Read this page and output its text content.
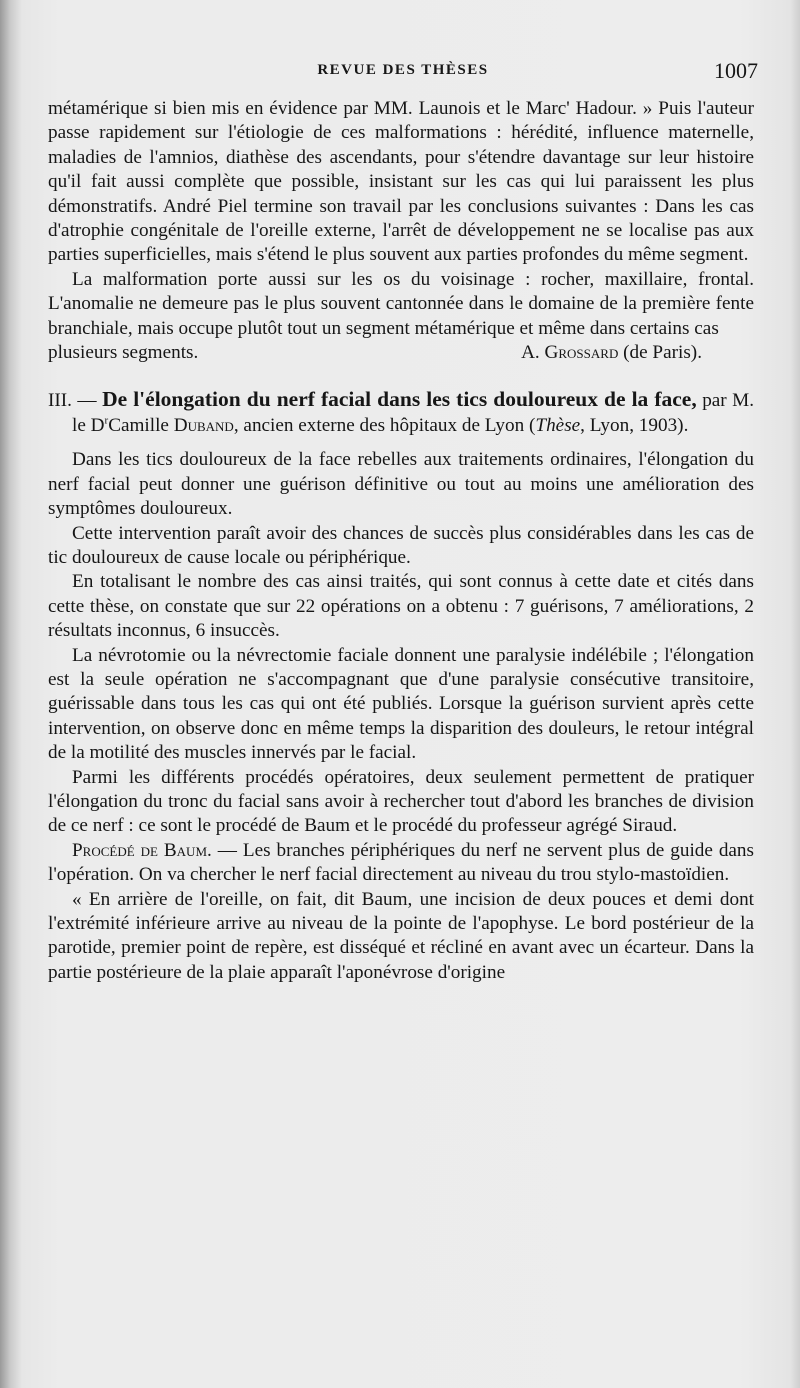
REVUE DES THÈSES	1007

métamérique si bien mis en évidence par MM. Launois et le Marc' Hadour. » Puis l'auteur passe rapidement sur l'étiologie de ces malformations : hérédité, influence maternelle, maladies de l'amnios, diathèse des ascendants, pour s'étendre davantage sur leur histoire qu'il fait aussi complète que possible, insistant sur les cas qui lui paraissent les plus démonstratifs. André Piel termine son travail par les conclusions suivantes : Dans les cas d'atrophie congénitale de l'oreille externe, l'arrêt de développement ne se localise pas aux parties superficielles, mais s'étend le plus souvent aux parties profondes du même segment.

La malformation porte aussi sur les os du voisinage : rocher, maxillaire, frontal. L'anomalie ne demeure pas le plus souvent cantonnée dans le domaine de la première fente branchiale, mais occupe plutôt tout un segment métamérique et même dans certains cas

plusieurs segments.	A. Grossard (de Paris).

III. — De l'élongation du nerf facial dans les tics douloureux de la face, par M. le $D^rCamille$ Duband, ancien externe des hôpitaux de Lyon (Thèse, Lyon, 1903).

Dans les tics douloureux de la face rebelles aux traitements ordinaires, l'élongation du nerf facial peut donner une guérison définitive ou tout au moins une amélioration des symptômes douloureux.

Cette intervention paraît avoir des chances de succès plus considérables dans les cas de tic douloureux de cause locale ou périphérique.

En totalisant le nombre des cas ainsi traités, qui sont connus à cette date et cités dans cette thèse, on constate que sur 22 opérations on a obtenu : 7 guérisons, 7 améliorations, 2 résultats inconnus, 6 insuccès.

La névrotomie ou la névrectomie faciale donnent une paralysie indélébile ; l'élongation est la seule opération ne s'accompagnant que d'une paralysie consécutive transitoire, guérissable dans tous les cas qui ont été publiés. Lorsque la guérison survient après cette intervention, on observe donc en même temps la disparition des douleurs, le retour intégral de la motilité des muscles innervés par le facial.

Parmi les différents procédés opératoires, deux seulement permettent de pratiquer l'élongation du tronc du facial sans avoir à rechercher tout d'abord les branches de division de ce nerf : ce sont le procédé de Baum et le procédé du professeur agrégé Siraud.

Procédé de Baum. — Les branches périphériques du nerf ne servent plus de guide dans l'opération. On va chercher le nerf facial directement au niveau du trou stylo-mastoïdien.

« En arrière de l'oreille, on fait, dit Baum, une incision de deux pouces et demi dont l'extrémité inférieure arrive au niveau de la pointe de l'apophyse. Le bord postérieur de la parotide, premier point de repère, est disséqué et récliné en avant avec un écarteur. Dans la partie postérieure de la plaie apparaît l'aponévrose d'origine
